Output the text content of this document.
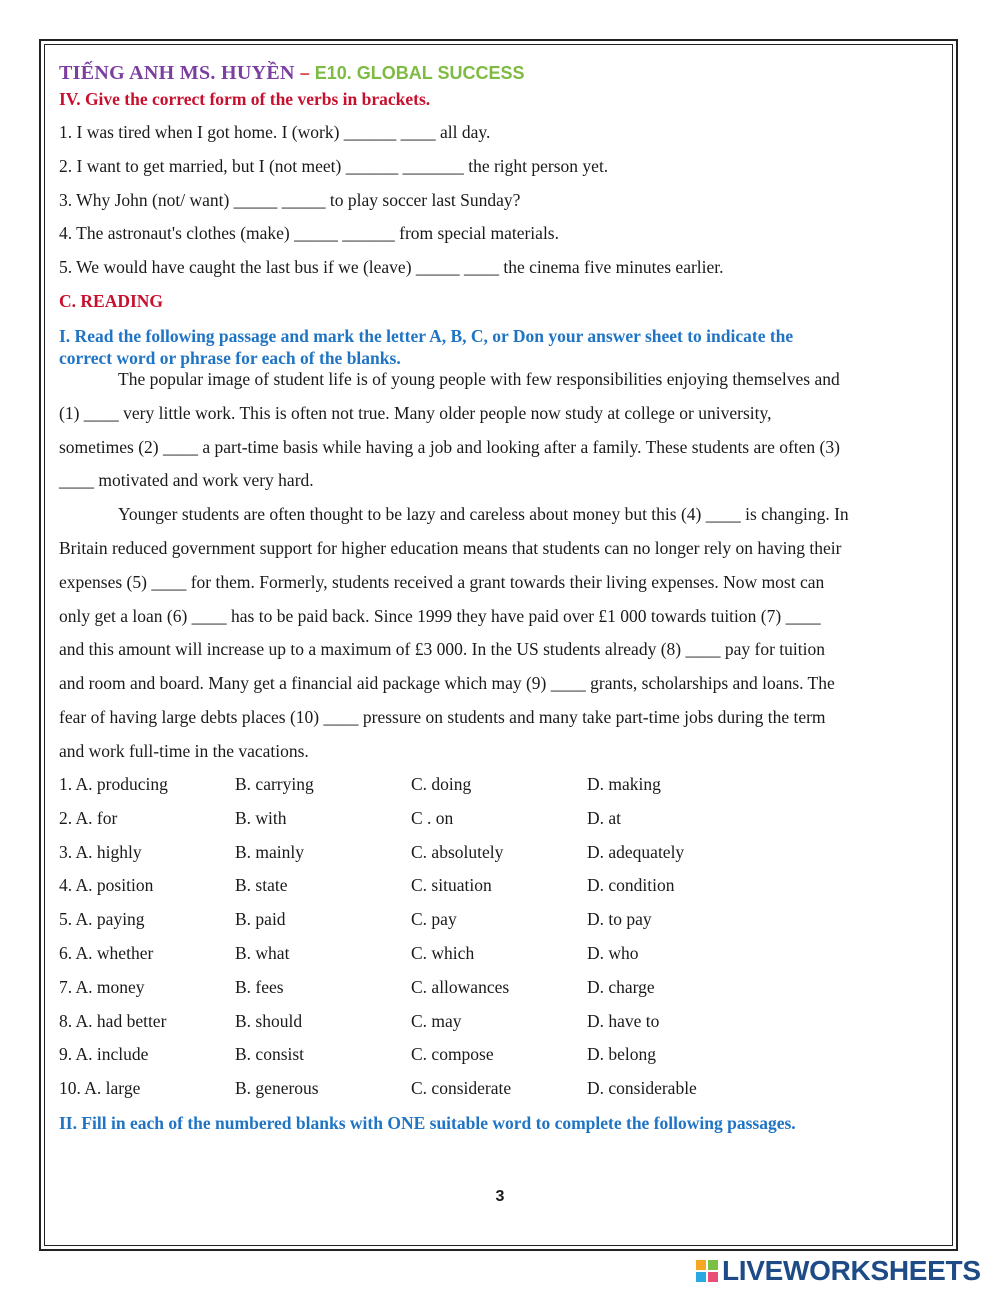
TIẾNG ANH MS. HUYỀN – E10. GLOBAL SUCCESS
IV. Give the correct form of the verbs in brackets.
1. I was tired when I got home. I (work) ______ ____ all day.
2. I want to get married, but I (not meet) ______ _______ the right person yet.
3. Why John (not/ want) _____ _____ to play soccer last Sunday?
4. The astronaut's clothes (make) _____ ______ from special materials.
5. We would have caught the last bus if we (leave) _____ ____ the cinema five minutes earlier.
C. READING
I. Read the following passage and mark the letter A, B, C, or Don your answer sheet to indicate the
correct word or phrase for each of the blanks.
The popular image of student life is of young people with few responsibilities enjoying themselves and
(1) ____ very little work. This is often not true. Many older people now study at college or university,
sometimes (2) ____ a part-time basis while having a job and looking after a family. These students are often (3)
____ motivated and work very hard.
Younger students are often thought to be lazy and careless about money but this (4) ____ is changing. In
Britain reduced government support for higher education means that students can no longer rely on having their
expenses (5) ____ for them. Formerly, students received a grant towards their living expenses. Now most can
only get a loan (6) ____ has to be paid back. Since 1999 they have paid over £1 000 towards tuition (7) ____
and this amount will increase up to a maximum of £3 000. In the US students already (8) ____ pay for tuition
and room and board. Many get a financial aid package which may (9) ____ grants, scholarships and loans. The
fear of having large debts places (10) ____ pressure on students and many take part-time jobs during the term
and work full-time in the vacations.
1. A. producing	B. carrying	C. doing	D. making
2. A. for	B. with	C . on	D. at
3. A. highly	B. mainly	C. absolutely	D. adequately
4. A. position	B. state	C. situation	D. condition
5. A. paying	B. paid	C. pay	D. to pay
6. A. whether	B. what	C. which	D. who
7. A. money	B. fees	C. allowances	D. charge
8. A. had better	B. should	C. may	D. have to
9. A. include	B. consist	C. compose	D. belong
10. A. large	B. generous	C. considerate	D. considerable
II. Fill in each of the numbered blanks with ONE suitable word to complete the following passages.
3
LIVEWORKSHEETS
